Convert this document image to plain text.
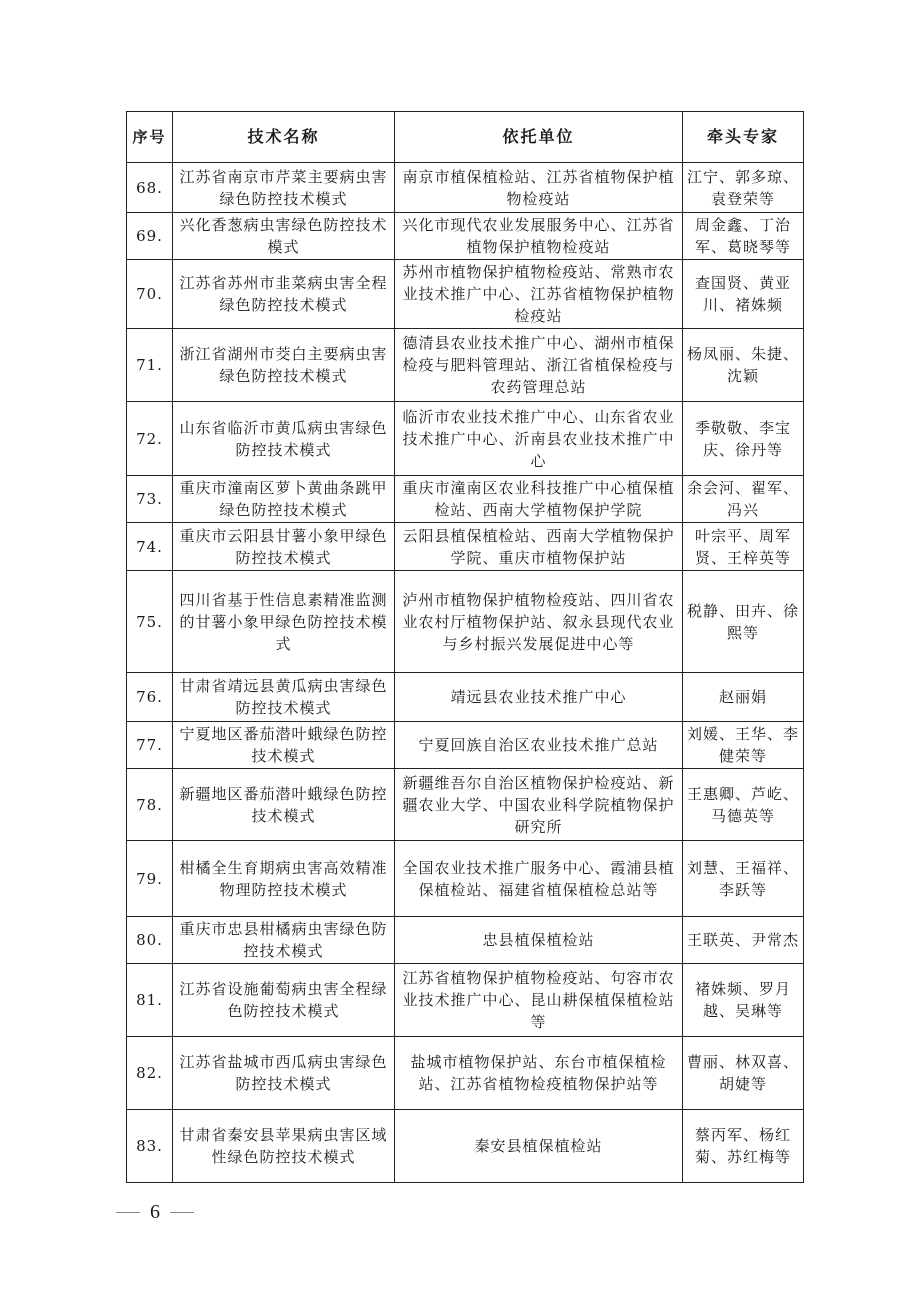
序号	技术名称	依托单位	牵头专家
68.	江苏省南京市芹菜主要病虫害绿色防控技术模式	南京市植保植检站、江苏省植物保护植物检疫站	江宁、郭多琼、袁登荣等
69.	兴化香葱病虫害绿色防控技术模式	兴化市现代农业发展服务中心、江苏省植物保护植物检疫站	周金鑫、丁治军、葛晓琴等
70.	江苏省苏州市韭菜病虫害全程绿色防控技术模式	苏州市植物保护植物检疫站、常熟市农业技术推广中心、江苏省植物保护植物检疫站	查国贤、黄亚川、褚姝频
71.	浙江省湖州市茭白主要病虫害绿色防控技术模式	德清县农业技术推广中心、湖州市植保检疫与肥料管理站、浙江省植保检疫与农药管理总站	杨凤丽、朱捷、沈颖
72.	山东省临沂市黄瓜病虫害绿色防控技术模式	临沂市农业技术推广中心、山东省农业技术推广中心、沂南县农业技术推广中心	季敬敬、李宝庆、徐丹等
73.	重庆市潼南区萝卜黄曲条跳甲绿色防控技术模式	重庆市潼南区农业科技推广中心植保植检站、西南大学植物保护学院	余会河、翟军、冯兴
74.	重庆市云阳县甘薯小象甲绿色防控技术模式	云阳县植保植检站、西南大学植物保护学院、重庆市植物保护站	叶宗平、周军贤、王梓英等
75.	四川省基于性信息素精准监测的甘薯小象甲绿色防控技术模式	泸州市植物保护植物检疫站、四川省农业农村厅植物保护站、叙永县现代农业与乡村振兴发展促进中心等	税静、田卉、徐熙等
76.	甘肃省靖远县黄瓜病虫害绿色防控技术模式	靖远县农业技术推广中心	赵丽娟
77.	宁夏地区番茄潜叶蛾绿色防控技术模式	宁夏回族自治区农业技术推广总站	刘媛、王华、李健荣等
78.	新疆地区番茄潜叶蛾绿色防控技术模式	新疆维吾尔自治区植物保护检疫站、新疆农业大学、中国农业科学院植物保护研究所	王惠卿、芦屹、马德英等
79.	柑橘全生育期病虫害高效精准物理防控技术模式	全国农业技术推广服务中心、霞浦县植保植检站、福建省植保植检总站等	刘慧、王福祥、李跃等
80.	重庆市忠县柑橘病虫害绿色防控技术模式	忠县植保植检站	王联英、尹常杰
81.	江苏省设施葡萄病虫害全程绿色防控技术模式	江苏省植物保护植物检疫站、句容市农业技术推广中心、昆山耕保植保植检站等	褚姝频、罗月越、吴琳等
82.	江苏省盐城市西瓜病虫害绿色防控技术模式	盐城市植物保护站、东台市植保植检站、江苏省植物检疫植物保护站等	曹丽、林双喜、胡婕等
83.	甘肃省秦安县苹果病虫害区域性绿色防控技术模式	秦安县植保植检站	蔡丙军、杨红菊、苏红梅等
6
